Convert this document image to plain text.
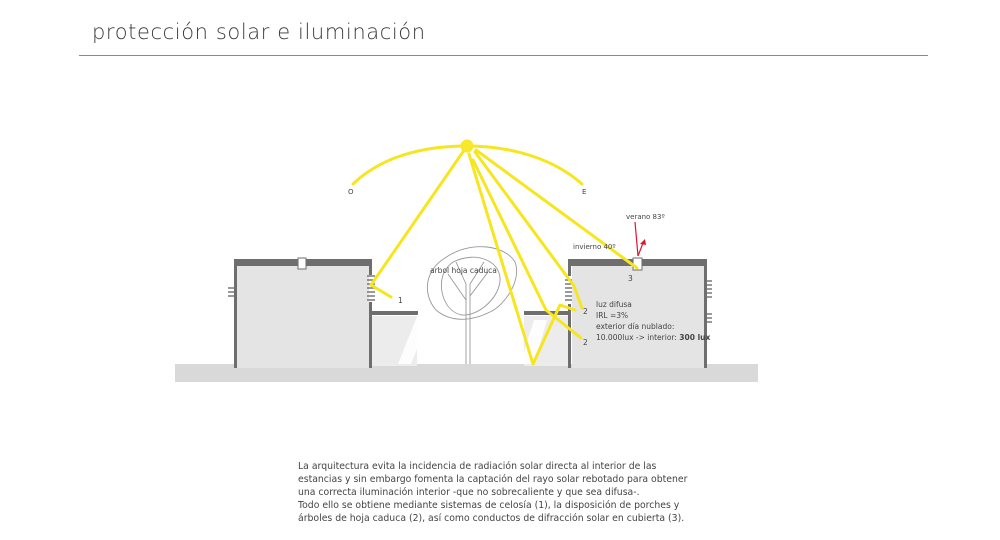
protección solar e iluminación
O	E
arbol hoja caduca
verano 83º
invierno 40º
1
2
2
3
luz difusa
IRL =3%
exterior día nublado:
10.000lux -> interior: 300 lux
La arquitectura evita la incidencia de radiación solar directa al interior de las
estancias y sin embargo fomenta la captación del rayo solar rebotado para obtener
una correcta iluminación interior -que no sobrecaliente y que sea difusa-.
Todo ello se obtiene mediante sistemas de celosía (1), la disposición de porches y
árboles de hoja caduca (2), así como conductos de difracción solar en cubierta (3).
